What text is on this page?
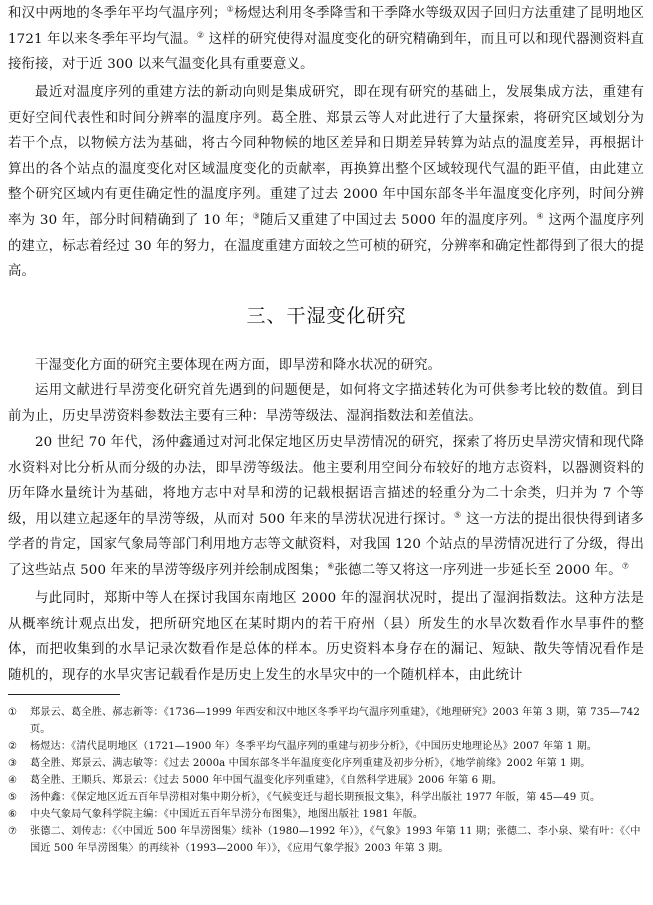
和汉中两地的冬季年平均气温序列；①杨煜达利用冬季降雪和干季降水等级双因子回归方法重建了昆明地区 1721 年以来冬季年平均气温。② 这样的研究使得对温度变化的研究精确到年，而且可以和现代器测资料直接衔接，对于近 300 以来气温变化具有重要意义。

最近对温度序列的重建方法的新动向则是集成研究，即在现有研究的基础上，发展集成方法，重建有更好空间代表性和时间分辨率的温度序列。葛全胜、郑景云等人对此进行了大量探索，将研究区域划分为若干个点，以物候方法为基础，将古今同种物候的地区差异和日期差异转算为站点的温度差异，再根据计算出的各个站点的温度变化对区域温度变化的贡献率，再换算出整个区域较现代气温的距平值，由此建立整个研究区域内有更佳确定性的温度序列。重建了过去 2000 年中国东部冬半年温度变化序列，时间分辨率为 30 年，部分时间精确到了 10 年；③随后又重建了中国过去 5000 年的温度序列。④ 这两个温度序列的建立，标志着经过 30 年的努力，在温度重建方面较之竺可桢的研究，分辨率和确定性都得到了很大的提高。

干湿变化方面的研究主要体现在两方面，即旱涝和降水状况的研究。

运用文献进行旱涝变化研究首先遇到的问题便是，如何将文字描述转化为可供参考比较的数值。到目前为止，历史旱涝资料参数法主要有三种：旱涝等级法、湿润指数法和差值法。

20 世纪 70 年代，汤仲鑫通过对河北保定地区历史旱涝情况的研究，探索了将历史旱涝灾情和现代降水资料对比分析从而分级的办法，即旱涝等级法。他主要利用空间分布较好的地方志资料，以器测资料的历年降水量统计为基础，将地方志中对旱和涝的记载根据语言描述的轻重分为二十余类，归并为 7 个等级，用以建立起逐年的旱涝等级，从而对 500 年来的旱涝状况进行探讨。⑤ 这一方法的提出很快得到诸多学者的肯定，国家气象局等部门利用地方志等文献资料，对我国 120 个站点的旱涝情况进行了分级，得出了这些站点 500 年来的旱涝等级序列并绘制成图集；⑥张德二等又将这一序列进一步延长至 2000 年。⑦

与此同时，郑斯中等人在探讨我国东南地区 2000 年的湿润状况时，提出了湿润指数法。这种方法是从概率统计观点出发，把所研究地区在某时期内的若干府州（县）所发生的水旱次数看作水旱事件的整体，而把收集到的水旱记录次数看作是总体的样本。历史资料本身存在的漏记、短缺、散失等情况看作是随机的，现存的水旱灾害记载看作是历史上发生的水旱灾中的一个随机样本，由此统计

三、干湿变化研究
① 郑景云、葛全胜、郝志新等：《1736—1999 年西安和汉中地区冬季平均气温序列重建》，《地理研究》2003 年第 3 期，第 735—742 页。
② 杨煜达：《清代昆明地区（1721—1900 年）冬季平均气温序列的重建与初步分析》，《中国历史地理论丛》2007 年第 1 期。
③ 葛全胜、郑景云、满志敏等：《过去 2000a 中国东部冬半年温度变化序列重建及初步分析》，《地学前缘》2002 年第 1 期。
④ 葛全胜、王顺兵、郑景云：《过去 5000 年中国气温变化序列重建》，《自然科学进展》2006 年第 6 期。
⑤ 汤仲鑫：《保定地区近五百年旱涝相对集中期分析》，《气候变迁与超长期预报文集》，科学出版社 1977 年版，第 45—49 页。
⑥ 中央气象局气象科学院主编：《中国近五百年旱涝分布图集》，地图出版社 1981 年版。
⑦ 张德二、刘传志：《〈中国近 500 年旱涝图集〉续补（1980—1992 年）》，《气象》1993 年第 11 期；张德二、李小泉、梁有叶：《〈中国近 500 年旱涝图集〉的再续补（1993—2000 年）》，《应用气象学报》2003 年第 3 期。
